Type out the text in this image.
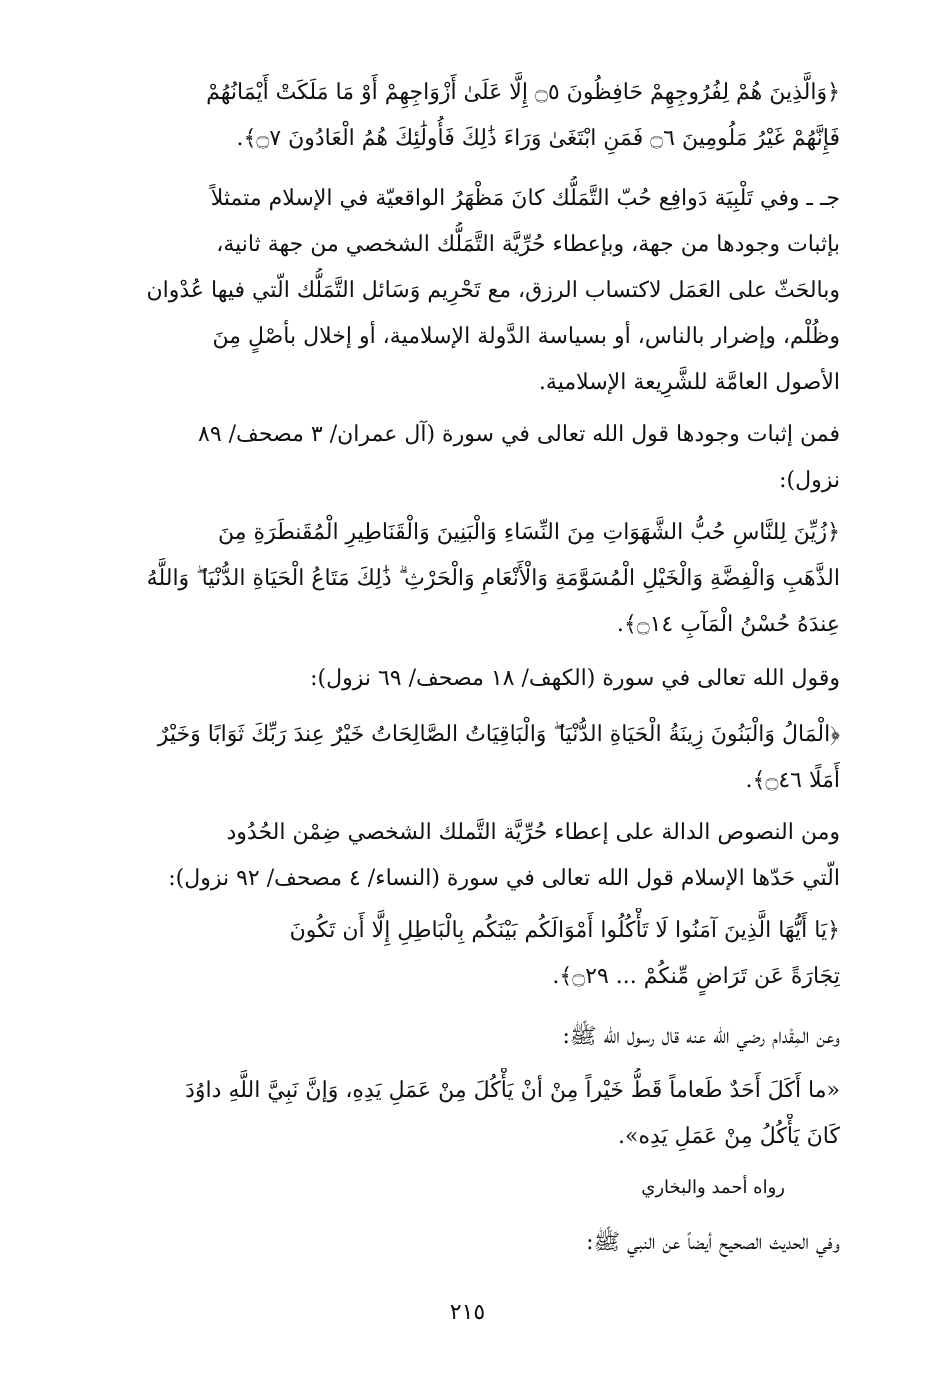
﴿وَالَّذِينَ هُمْ لِفُرُوجِهِمْ حَافِظُونَ ۝٥ إِلَّا عَلَىٰ أَزْوَاجِهِمْ أَوْ مَا مَلَكَتْ أَيْمَانُهُمْ
فَإِنَّهُمْ غَيْرُ مَلُومِينَ ۝٦ فَمَنِ ابْتَغَىٰ وَرَاءَ ذَٰلِكَ فَأُولَٰئِكَ هُمُ الْعَادُونَ ۝٧﴾.
جـ ـ وفي تَلْبِيَة دَوافِع حُبّ التَّمَلُّك كانَ مَظْهَرُ الواقعيّة في الإسلام متمثلاً
بإثبات وجودها من جهة، وبإعطاء حُرِّيَّة التَّمَلُّك الشخصي من جهة ثانية،
وبالحَثّ على العَمَل لاكتساب الرزق، مع تَحْرِيم وَسَائل التَّمَلُّك الّتي فيها عُدْوان
وظُلْم، وإضرار بالناس، أو بسياسة الدَّولة الإسلامية، أو إخلال بأصْلٍ مِنَ
الأصول العامَّة للشَّرِيعة الإسلامية.
فمن إثبات وجودها قول الله تعالى في سورة (آل عمران/ ٣ مصحف/ ٨٩
نزول):
﴿زُيِّنَ لِلنَّاسِ حُبُّ الشَّهَوَاتِ مِنَ النِّسَاءِ وَالْبَنِينَ وَالْقَنَاطِيرِ الْمُقَنطَرَةِ مِنَ
الذَّهَبِ وَالْفِضَّةِ وَالْخَيْلِ الْمُسَوَّمَةِ وَالْأَنْعَامِ وَالْحَرْثِ ۗ ذَٰلِكَ مَتَاعُ الْحَيَاةِ الدُّنْيَا ۖ وَاللَّهُ
عِندَهُ حُسْنُ الْمَآبِ ۝١٤﴾.
وقول الله تعالى في سورة (الكهف/ ١٨ مصحف/ ٦٩ نزول):
﴿الْمَالُ وَالْبَنُونَ زِينَةُ الْحَيَاةِ الدُّنْيَا ۖ وَالْبَاقِيَاتُ الصَّالِحَاتُ خَيْرٌ عِندَ رَبِّكَ ثَوَابًا وَخَيْرٌ
أَمَلًا ۝٤٦﴾.
ومن النصوص الدالة على إعطاء حُرِّيَّة التَّملك الشخصي ضِمْن الحُدُود
الّتي حَدّها الإسلام قول الله تعالى في سورة (النساء/ ٤ مصحف/ ٩٢ نزول):
﴿يَا أَيُّهَا الَّذِينَ آمَنُوا لَا تَأْكُلُوا أَمْوَالَكُم بَيْنَكُم بِالْبَاطِلِ إِلَّا أَن تَكُونَ
تِجَارَةً عَن تَرَاضٍ مِّنكُمْ ... ۝٢٩﴾.
وعن المِقْدام رضي الله عنه قال رسول الله ﷺ:
«ما أَكَلَ أَحَدٌ طَعاماً قَطُّ خَيْراً مِنْ أنْ يَأْكُلَ مِنْ عَمَلِ يَدِهِ، وَإنَّ نَبِيَّ اللَّهِ داوُدَ
كَانَ يَأْكُلُ مِنْ عَمَلِ يَدِه».
رواه أحمد والبخاري
وفي الحديث الصحيح أيضاً عن النبي ﷺ:
٢١٥
